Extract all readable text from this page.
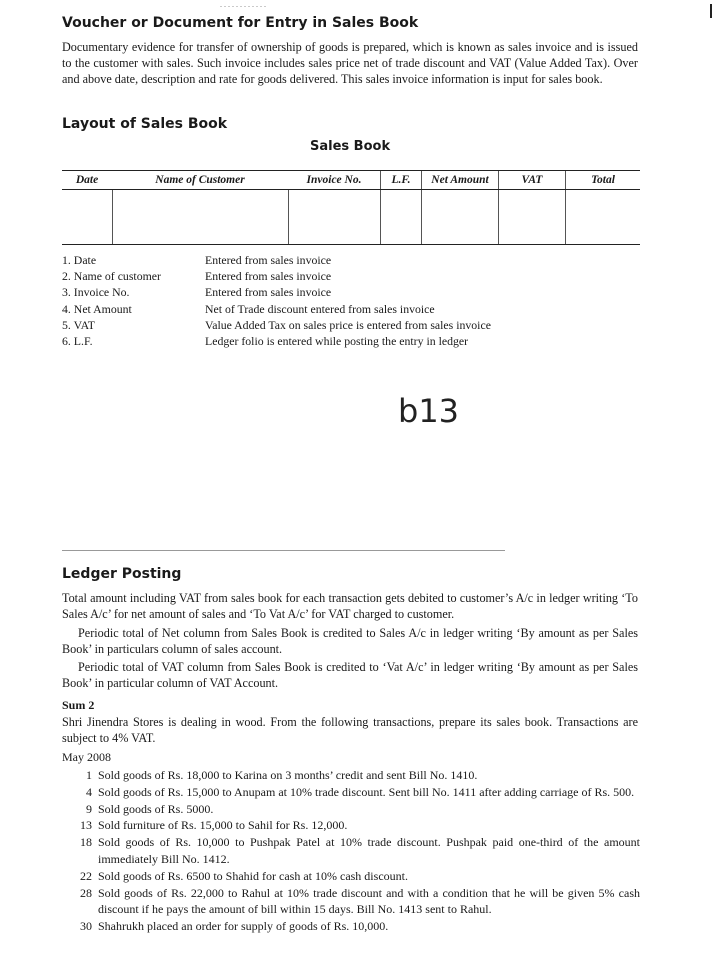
............
Voucher or Document for Entry in Sales Book
Documentary evidence for transfer of ownership of goods is prepared, which is known as sales invoice and is issued to the customer with sales. Such invoice includes sales price net of trade discount and VAT (Value Added Tax). Over and above date, description and rate for goods delivered. This sales invoice information is input for sales book.
Layout of Sales Book
Sales Book
Date	Name of Customer	Invoice No.	L.F.	Net Amount	VAT	Total

1. Date	Entered from sales invoice
2. Name of customer	Entered from sales invoice
3. Invoice No.	Entered from sales invoice
4. Net Amount	Net of Trade discount entered from sales invoice
5. VAT	Value Added Tax on sales price is entered from sales invoice
6. L.F.	Ledger folio is entered while posting the entry in ledger
b13
Ledger Posting
Total amount including VAT from sales book for each transaction gets debited to customer’s A/c in ledger writing ‘To Sales A/c’ for net amount of sales and ‘To Vat A/c’ for VAT charged to customer.
Periodic total of Net column from Sales Book is credited to Sales A/c in ledger writing ‘By amount as per Sales Book’ in particulars column of sales account.
Periodic total of VAT column from Sales Book is credited to ‘Vat A/c’ in ledger writing ‘By amount as per Sales Book’ in particular column of VAT Account.
Sum 2
Shri Jinendra Stores is dealing in wood. From the following transactions, prepare its sales book. Transactions are subject to 4% VAT.
May 2008
1 Sold goods of Rs. 18,000 to Karina on 3 months’ credit and sent Bill No. 1410.
4 Sold goods of Rs. 15,000 to Anupam at 10% trade discount. Sent bill No. 1411 after adding carriage of Rs. 500.
9 Sold goods of Rs. 5000.
13 Sold furniture of Rs. 15,000 to Sahil for Rs. 12,000.
18 Sold goods of Rs. 10,000 to Pushpak Patel at 10% trade discount. Pushpak paid one-third of the amount immediately Bill No. 1412.
22 Sold goods of Rs. 6500 to Shahid for cash at 10% cash discount.
28 Sold goods of Rs. 22,000 to Rahul at 10% trade discount and with a condition that he will be given 5% cash discount if he pays the amount of bill within 15 days. Bill No. 1413 sent to Rahul.
30 Shahrukh placed an order for supply of goods of Rs. 10,000.
